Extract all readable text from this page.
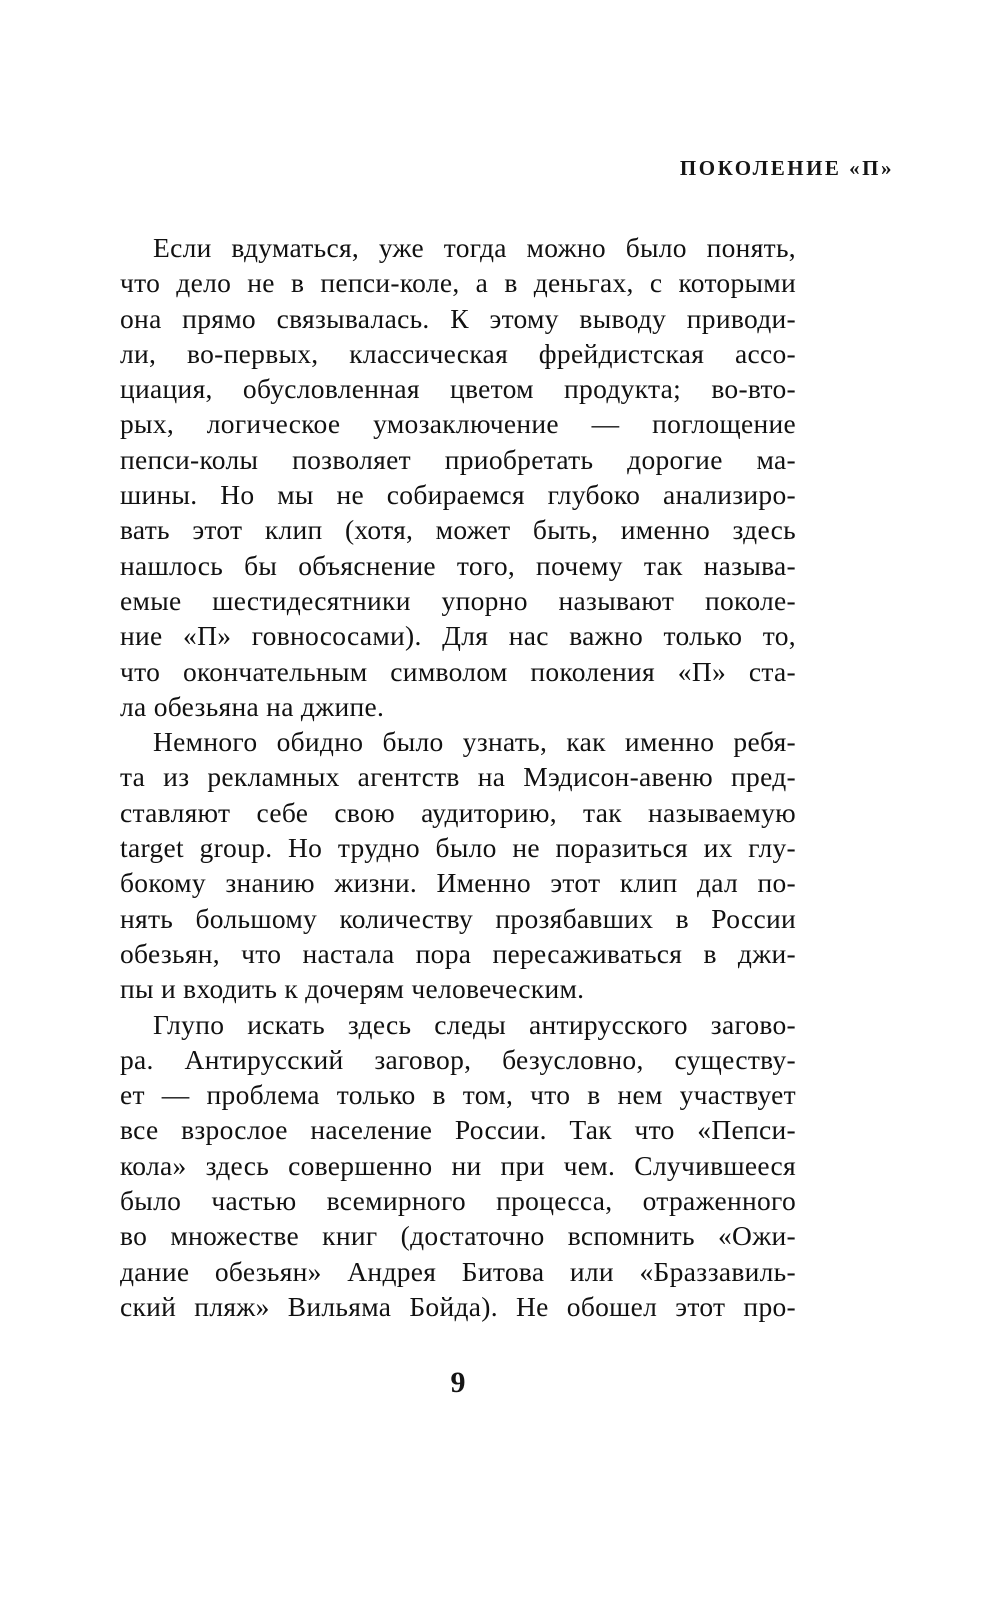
ПОКОЛЕНИЕ «П»

Если вдуматься, уже тогда можно было понять,
что дело не в пепси-коле, а в деньгах, с которыми
она прямо связывалась. К этому выводу приводи-
ли, во-первых, классическая фрейдистская ассо-
циация, обусловленная цветом продукта; во-вто-
рых, логическое умозаключение — поглощение
пепси-колы позволяет приобретать дорогие ма-
шины. Но мы не собираемся глубоко анализиро-
вать этот клип (хотя, может быть, именно здесь
нашлось бы объяснение того, почему так называ-
емые шестидесятники упорно называют поколе-
ние «П» говнососами). Для нас важно только то,
что окончательным символом поколения «П» ста-
ла обезьяна на джипе.

Немного обидно было узнать, как именно ребя-
та из рекламных агентств на Мэдисон-авеню пред-
ставляют себе свою аудиторию, так называемую
target group. Но трудно было не поразиться их глу-
бокому знанию жизни. Именно этот клип дал по-
нять большому количеству прозябавших в России
обезьян, что настала пора пересаживаться в джи-
пы и входить к дочерям человеческим.

Глупо искать здесь следы антирусского загово-
ра. Антирусский заговор, безусловно, существу-
ет — проблема только в том, что в нем участвует
все взрослое население России. Так что «Пепси-
кола» здесь совершенно ни при чем. Случившееся
было частью всемирного процесса, отраженного
во множестве книг (достаточно вспомнить «Ожи-
дание обезьян» Андрея Битова или «Браззавиль-
ский пляж» Вильяма Бойда). Не обошел этот про-

9
